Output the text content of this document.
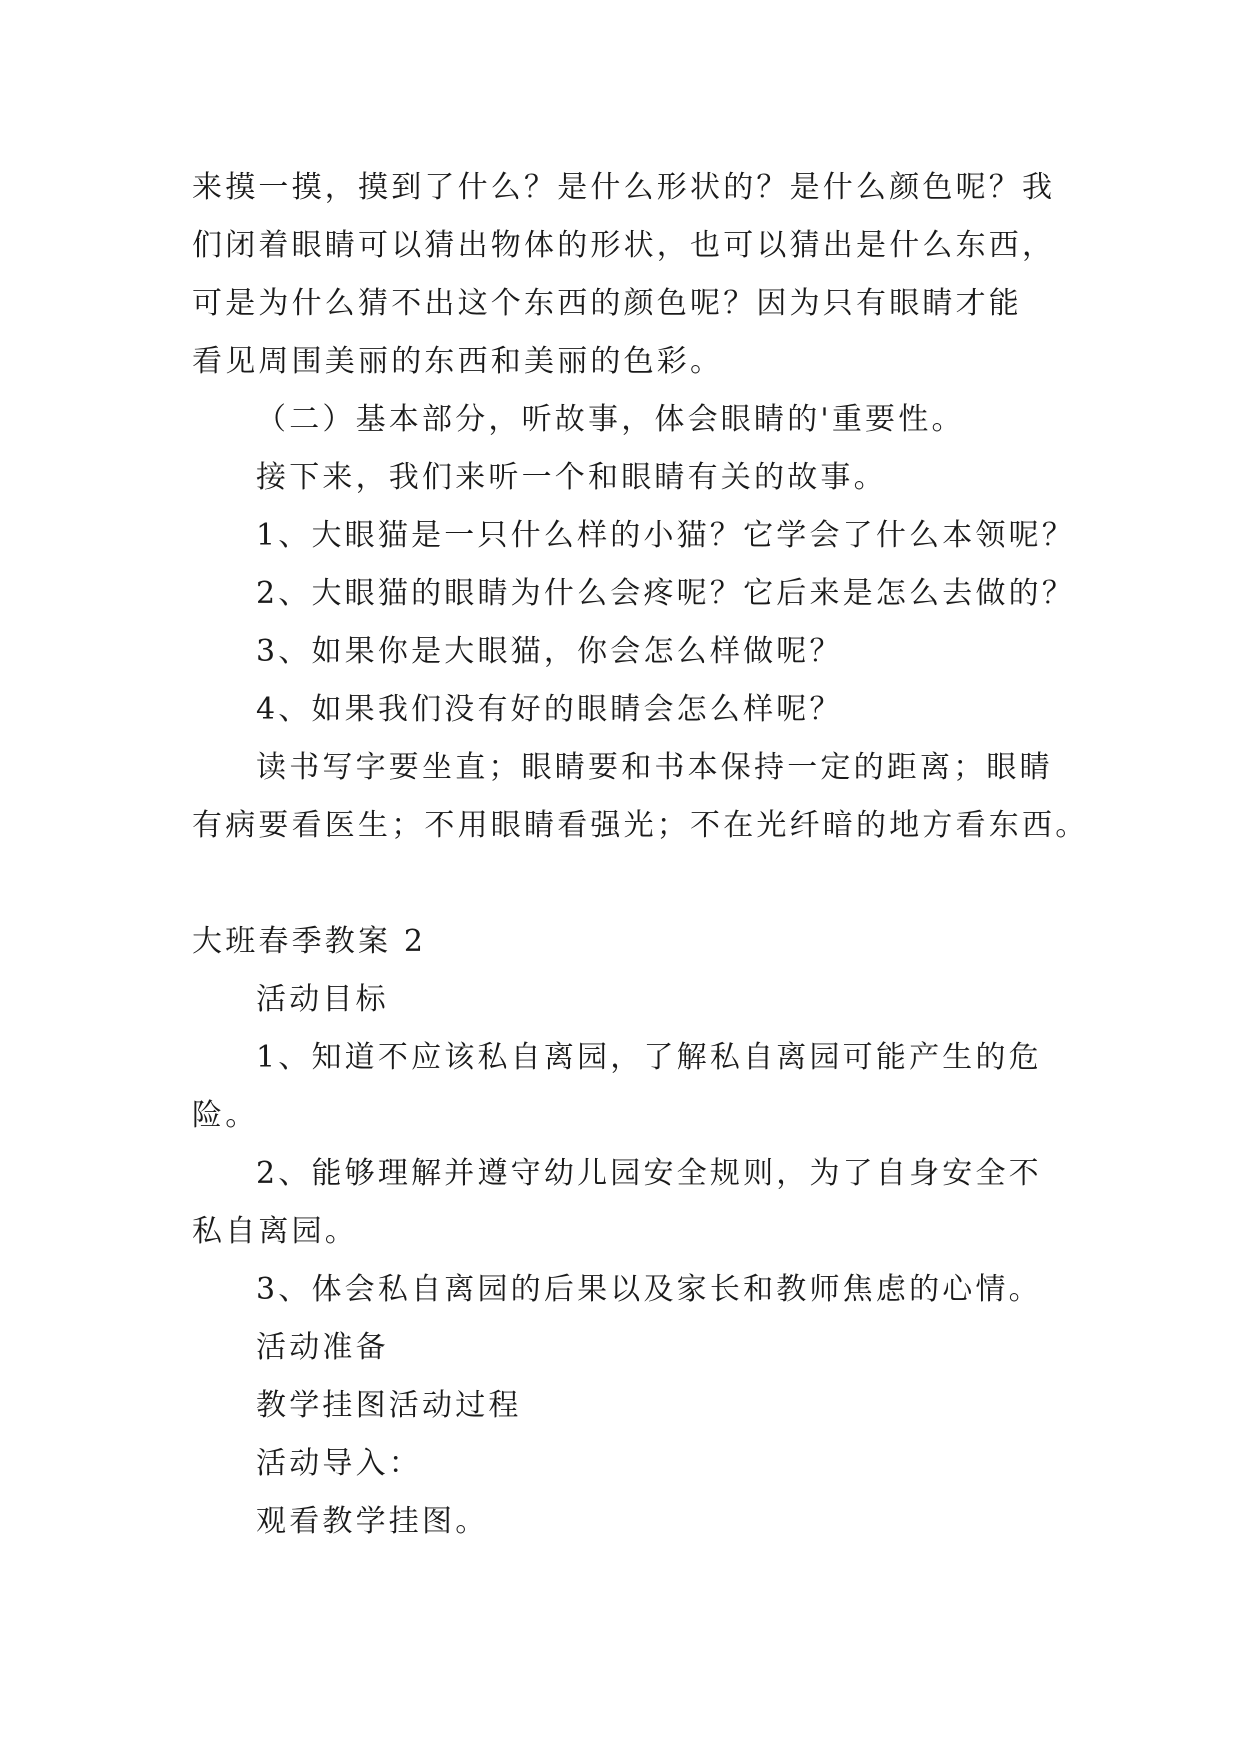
来摸一摸，摸到了什么？是什么形状的？是什么颜色呢？我

们闭着眼睛可以猜出物体的形状，也可以猜出是什么东西，

可是为什么猜不出这个东西的颜色呢？因为只有眼睛才能

看见周围美丽的东西和美丽的色彩。

（二）基本部分，听故事，体会眼睛的'重要性。

接下来，我们来听一个和眼睛有关的故事。

1、大眼猫是一只什么样的小猫？它学会了什么本领呢？

2、大眼猫的眼睛为什么会疼呢？它后来是怎么去做的？

3、如果你是大眼猫，你会怎么样做呢？

4、如果我们没有好的眼睛会怎么样呢？

读书写字要坐直；眼睛要和书本保持一定的距离；眼睛

有病要看医生；不用眼睛看强光；不在光纤暗的地方看东西。

大班春季教案 2

活动目标

1、知道不应该私自离园，了解私自离园可能产生的危

险。

2、能够理解并遵守幼儿园安全规则，为了自身安全不

私自离园。

3、体会私自离园的后果以及家长和教师焦虑的心情。

活动准备

教学挂图活动过程

活动导入：

观看教学挂图。
